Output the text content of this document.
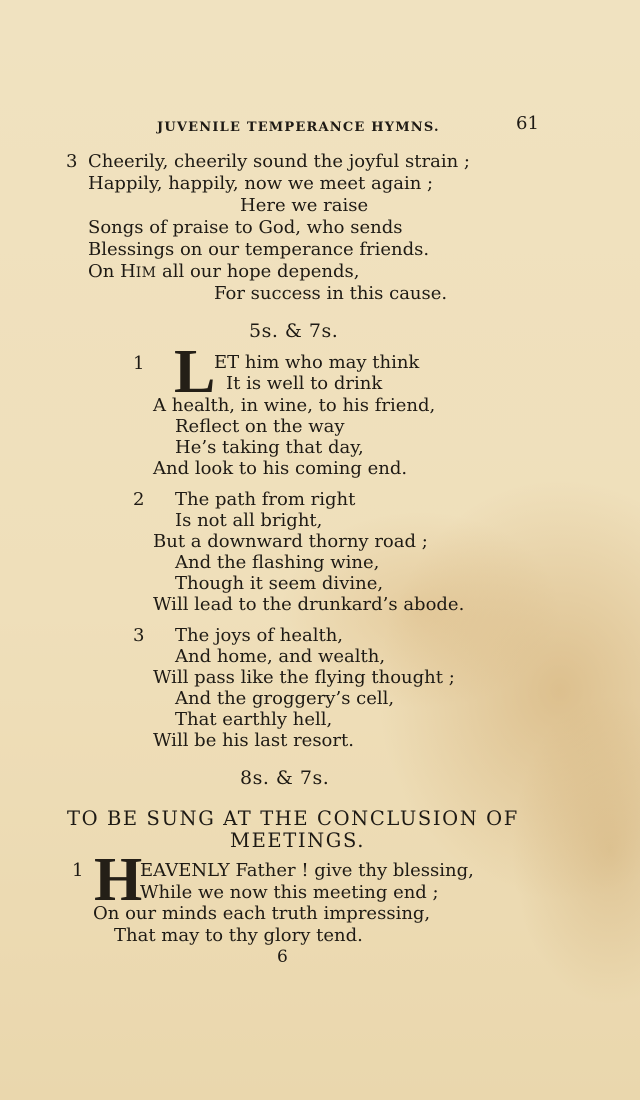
JUVENILE TEMPERANCE HYMNS.	61
3 Cheerily, cheerily sound the joyful strain ;
Happily, happily, now we meet again ;
Here we raise
Songs of praise to God, who sends
Blessings on our temperance friends.
On HIM all our hope depends,
For success in this cause.
5s. & 7s.
1 L
ET him who may think
It is well to drink
A health, in wine, to his friend,
Reflect on the way
He’s taking that day,
And look to his coming end.
2 The path from right
Is not all bright,
But a downward thorny road ;
And the flashing wine,
Though it seem divine,
Will lead to the drunkard’s abode.
3 The joys of health,
And home, and wealth,
Will pass like the flying thought ;
And the groggery’s cell,
That earthly hell,
Will be his last resort.
8s. & 7s.
TO BE SUNG AT THE CONCLUSION OF
MEETINGS.
1 H
EAVENLY Father ! give thy blessing,
While we now this meeting end ;
On our minds each truth impressing,
That may to thy glory tend.
6
